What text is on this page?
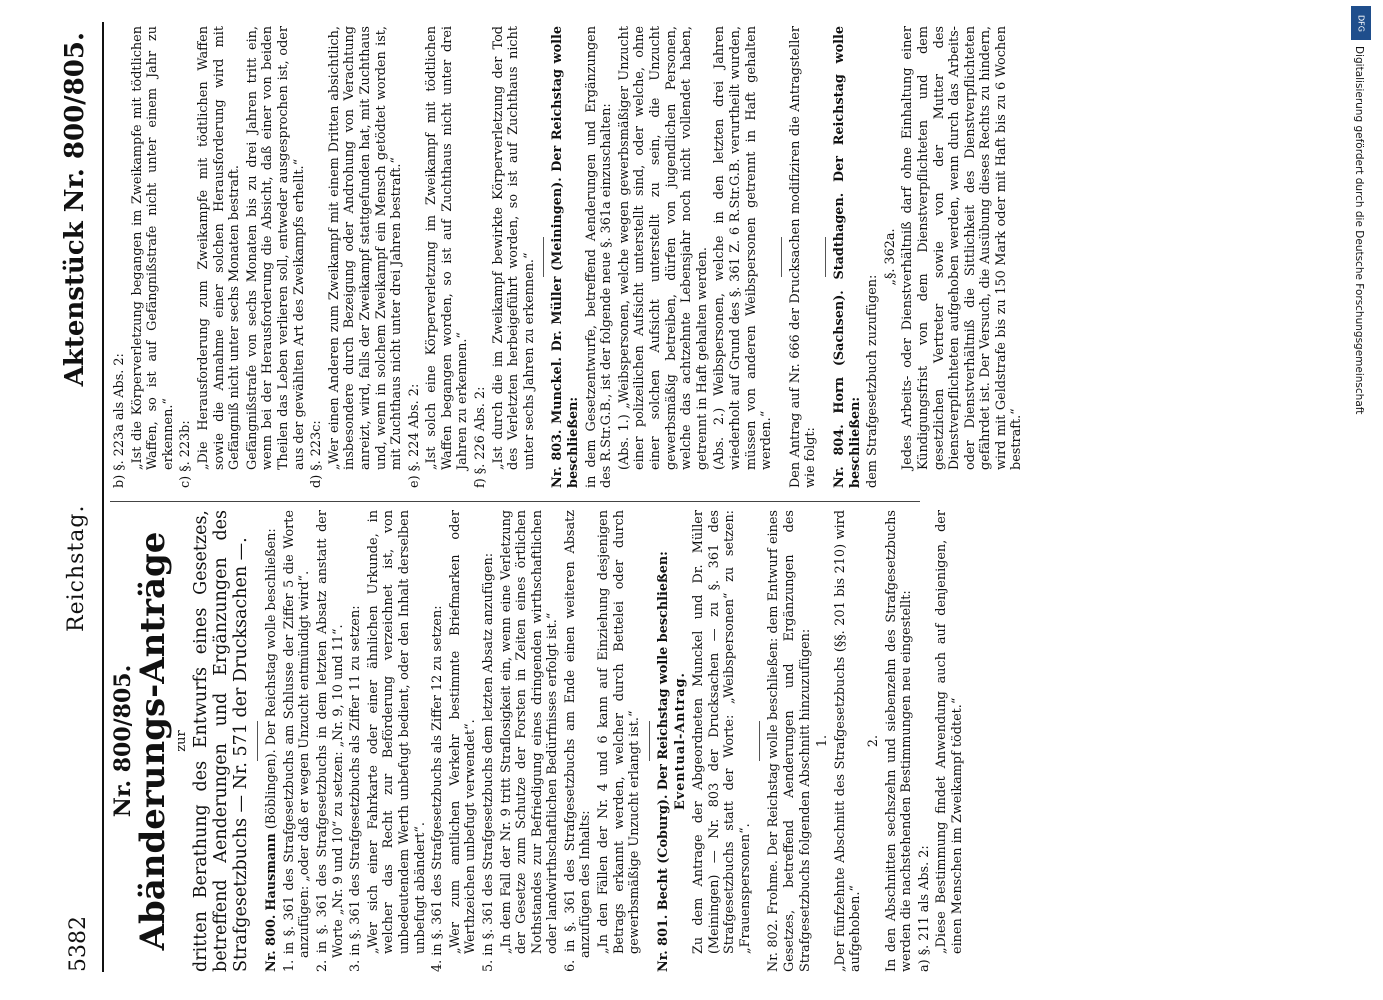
5382
Reichstag.
Aktenstück Nr. 800/805.
Nr. 800/805.
Abänderungs-Anträge zur dritten Berathung des Entwurfs eines Gesetzes, betreffend Aenderungen und Ergänzungen des Strafgesetzbuchs — Nr. 571 der Drucksachen —. Nr. 800. Hausmann (Böblingen). Der Reichstag wolle beschließen: 1. in §. 361 des Strafgesetzbuchs am Schlusse der Ziffer 5 die Worte anzufügen: „oder daß er wegen Unzucht entmündigt wird“. 2. in §. 361 des Strafgesetzbuchs in dem letzten Absatz anstatt der Worte „Nr. 9 und 10“ zu setzen: „Nr. 9, 10 und 11“. 3. in §. 361 des Strafgesetzbuchs als Ziffer 11 zu setzen: „Wer sich einer Fahrkarte oder einer ähnlichen Urkunde, in welcher das Recht zur Beförderung verzeichnet ist, von unbedeutendem Werth unbefugt bedient, oder den Inhalt derselben unbefugt abändert“. 4. in §. 361 des Strafgesetzbuchs als Ziffer 12 zu setzen: „Wer zum amtlichen Verkehr bestimmte Briefmarken oder Werthzeichen unbefugt verwendet“. 5. in §. 361 des Strafgesetzbuchs dem letzten Absatz anzufügen: „In dem Fall der Nr. 9 tritt Straflosigkeit ein, wenn eine Verletzung der Gesetze zum Schutze der Forsten in Zeiten eines örtlichen Nothstandes zur Befriedigung eines dringenden wirthschaftlichen oder landwirthschaftlichen Bedürfnisses erfolgt ist.“ 6. in §. 361 des Strafgesetzbuchs am Ende einen weiteren Absatz anzufügen des Inhalts: „In den Fällen der Nr. 4 und 6 kann auf Einziehung desjenigen Betrags erkannt werden, welcher durch Bettelei oder durch gewerbsmäßige Unzucht erlangt ist.“ Nr. 801. Becht (Coburg). Der Reichstag wolle beschließen: Eventual-Antrag. Zu dem Antrage der Abgeordneten Munckel und Dr. Müller (Meiningen) — Nr. 803 der Drucksachen — zu §. 361 des Strafgesetzbuchs statt der Worte: „Weibspersonen“ zu setzen: „Frauenspersonen“. Nr. 802. Frohme. Der Reichstag wolle beschließen: dem Entwurf eines Gesetzes, betreffend Aenderungen und Ergänzungen des Strafgesetzbuchs folgenden Abschnitt hinzuzufügen: 1. „Der fünfzehnte Abschnitt des Strafgesetzbuchs (§§. 201 bis 210) wird aufgehoben.“

2. In den Abschnitten sechszehn und siebenzehn des Strafgesetzbuchs werden die nachstehenden Bestimmungen neu eingestellt: a) §. 211 als Abs. 2: „Diese Bestimmung findet Anwendung auch auf denjenigen, der einen Menschen im Zweikampf tödtet.“

b) §. 223a als Abs. 2: „Ist die Körperverletzung begangen im Zweikampfe mit tödtlichen Waffen, so ist auf Gefängnißstrafe nicht unter einem Jahr zu erkennen.“ c) §. 223b: „Die Herausforderung zum Zweikampfe mit tödtlichen Waffen sowie die Annahme einer solchen Herausforderung wird mit Gefängniß nicht unter sechs Monaten bestraft. Gefängnißstrafe von sechs Monaten bis zu drei Jahren tritt ein, wenn bei der Herausforderung die Absicht, daß einer von beiden Theilen das Leben verlieren soll, entweder ausgesprochen ist, oder aus der gewählten Art des Zweikampfs erhellt.“ d) §. 223c: „Wer einen Anderen zum Zweikampf mit einem Dritten absichtlich, insbesondere durch Bezeigung oder Androhung von Verachtung anreizt, wird, falls der Zweikampf stattgefunden hat, mit Zuchthaus und, wenn in solchem Zweikampf ein Mensch getödtet worden ist, mit Zuchthaus nicht unter drei Jahren bestraft.“ e) §. 224 Abs. 2: „Ist solch eine Körperverletzung im Zweikampf mit tödtlichen Waffen begangen worden, so ist auf Zuchthaus nicht unter drei Jahren zu erkennen.“ f) §. 226 Abs. 2: „Ist durch die im Zweikampf bewirkte Körperverletzung der Tod des Verletzten herbeigeführt worden, so ist auf Zuchthaus nicht unter sechs Jahren zu erkennen.“ Nr. 803. Munckel. Dr. Müller (Meiningen). Der Reichstag wolle beschließen: in dem Gesetzentwurfe, betreffend Aenderungen und Ergänzungen des R.Str.G.B., ist der folgende neue §. 361a einzuschalten: (Abs. 1.) „Weibspersonen, welche wegen gewerbsmäßiger Unzucht einer polizeilichen Aufsicht unterstellt sind, oder welche, ohne einer solchen Aufsicht unterstellt zu sein, die Unzucht gewerbsmäßig betreiben, dürfen von jugendlichen Personen, welche das achtzehnte Lebensjahr noch nicht vollendet haben, getrennt in Haft gehalten werden. (Abs. 2.) Weibspersonen, welche in den letzten drei Jahren wiederholt auf Grund des §. 361 Z. 6 R.Str.G.B. verurtheilt wurden, müssen von anderen Weibspersonen getrennt in Haft gehalten werden.“ Den Antrag auf Nr. 666 der Drucksachen modifiziren die Antragsteller wie folgt: Nr. 804. Horn (Sachsen). Stadthagen. Der Reichstag wolle beschließen: dem Strafgesetzbuch zuzufügen:

„§. 362a. Jedes Arbeits- oder Dienstverhältniß darf ohne Einhaltung einer Kündigungsfrist von dem Dienstverpflichteten und dem gesetzlichen Vertreter sowie von der Mutter des Dienstverpflichteten aufgehoben werden, wenn durch das Arbeits- oder Dienstverhältniß die Sittlichkeit des Dienstverpflichteten gefährdet ist. Der Versuch, die Ausübung dieses Rechts zu hindern, wird mit Geldstrafe bis zu 150 Mark oder mit Haft bis zu 6 Wochen bestraft.“

DFG
Digitalisierung gefördert durch die Deutsche Forschungsgemeinschaft
